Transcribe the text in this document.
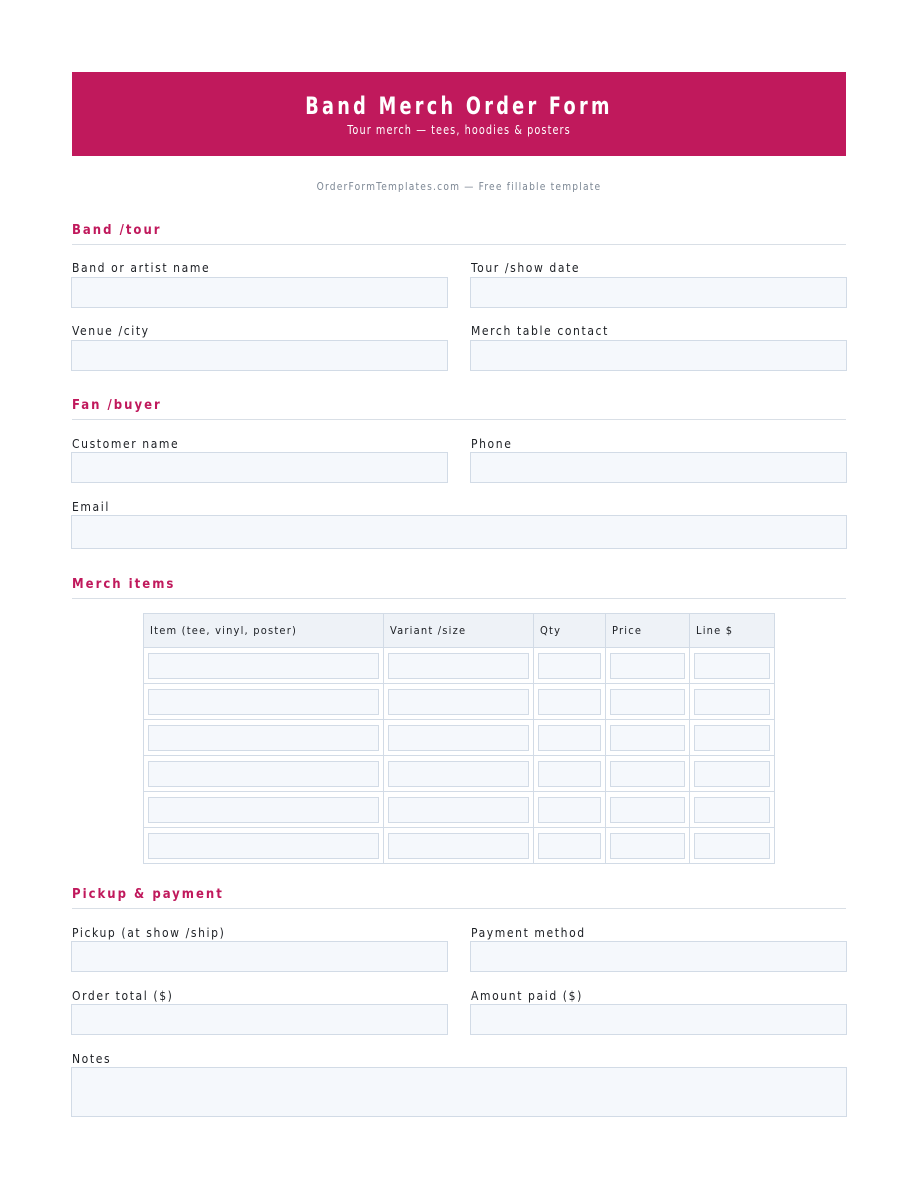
Band Merch Order Form
Tour merch — tees, hoodies & posters
OrderFormTemplates.com — Free fillable template
Band /tour
Band or artist name	Tour /show date
Venue /city	Merch table contact
Fan /buyer
Customer name	Phone
Email
Merch items
Item (tee, vinyl, poster)	Variant /size	Qty	Price	Line $

Pickup & payment
Pickup (at show /ship)	Payment method
Order total ($)	Amount paid ($)
Notes
